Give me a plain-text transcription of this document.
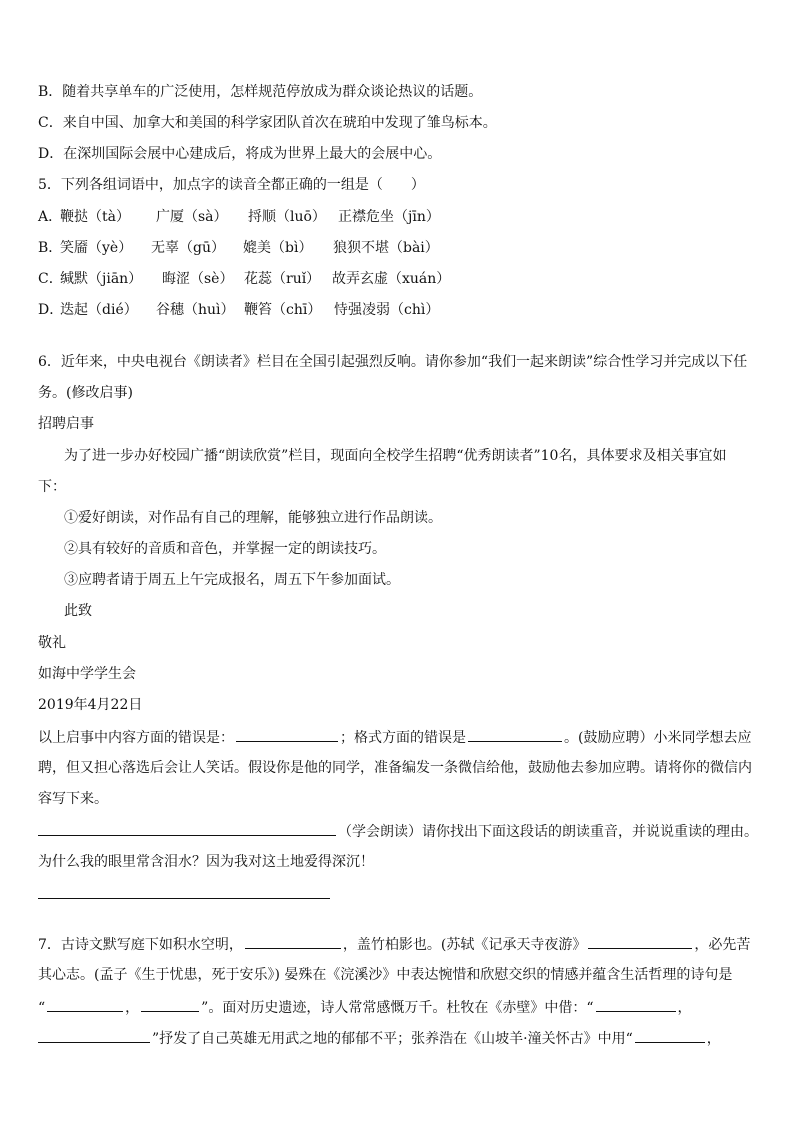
B．随着共享单车的广泛使用，怎样规范停放成为群众谈论热议的话题。
C．来自中国、加拿大和美国的科学家团队首次在琥珀中发现了雏鸟标本。
D．在深圳国际会展中心建成后，将成为世界上最大的会展中心。
5．下列各组词语中，加点字的读音全都正确的一组是（　　）
A．鞭挞（tà） 广厦（sà） 捋顺（luō） 正襟危坐（jīn）
B．笑靥（yè） 无辜（gū） 媲美（bì） 狼狈不堪（bài）
C．缄默（jiān） 晦涩（sè） 花蕊（ruǐ） 故弄玄虚（xuán）
D．迭起（dié） 谷穗（huì） 鞭笞（chī） 恃强凌弱（chì）
6．近年来，中央电视台《朗读者》栏目在全国引起强烈反响。请你参加“我们一起来朗读”综合性学习并完成以下任
务。(修改启事)
招聘启事
为了进一步办好校园广播“朗读欣赏”栏目，现面向全校学生招聘“优秀朗读者”10名，具体要求及相关事宜如
下：
①爱好朗读，对作品有自己的理解，能够独立进行作品朗读。
②具有较好的音质和音色，并掌握一定的朗读技巧。
③应聘者请于周五上午完成报名，周五下午参加面试。
此致
敬礼
如海中学学生会
2019年4月22日
以上启事中内容方面的错误是：	；格式方面的错误是	。(鼓励应聘）小米同学想去应
聘，但又担心落选后会让人笑话。假设你是他的同学，准备编发一条微信给他，鼓励他去参加应聘。请将你的微信内
容写下来。
（学会朗读）请你找出下面这段话的朗读重音，并说说重读的理由。
为什么我的眼里常含泪水？因为我对这土地爱得深沉！
7．古诗文默写庭下如积水空明，	，盖竹柏影也。(苏轼《记承天寺夜游》	，必先苦
其心志。(孟子《生于忧患，死于安乐》) 晏殊在《浣溪沙》中表达惋惜和欣慰交织的情感并蕴含生活哲理的诗句是
“	，	”。面对历史遗迹，诗人常常感慨万千。杜牧在《赤壁》中借：“	，
”抒发了自己英雄无用武之地的郁郁不平；张养浩在《山坡羊·潼关怀古》中用“	，
